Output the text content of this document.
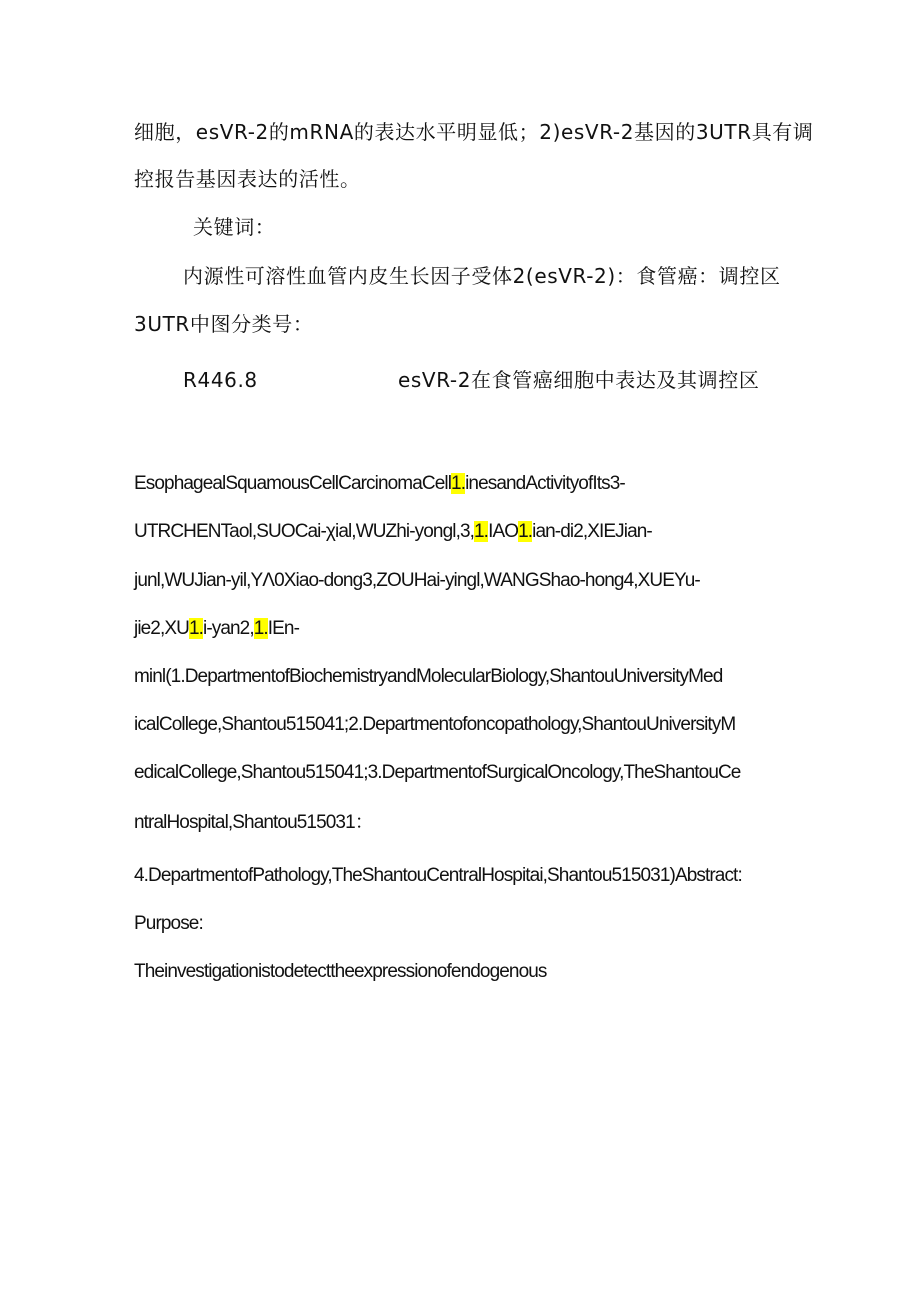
细胞，esVR-2的mRNA的表达水平明显低；2)esVR-2基因的3UTR具有调
控报告基因表达的活性。
关键词：
内源性可溶性血管内皮生长因子受体2(esVR-2)：食管癌：调控区
3UTR中图分类号：
R446.8	esVR-2在食管癌细胞中表达及其调控区
EsophagealSquamousCellCarcinomaCell1.inesandActivityofIts3-
UTRCHENTaol,SUOCai-χial,WUZhi-yongl,3,1.IAO1.ian-di2,XIEJian-
junl,WUJian-yil,YΛ0Xiao-dong3,ZOUHai-yingl,WANGShao-hong4,XUEYu-
jie2,XU1.i-yan2,1.IEn-
minl(1.DepartmentofBiochemistryandMolecularBiology,ShantouUniversityMed
icalCollege,Shantou515041;2.Departmentofoncopathology,ShantouUniversityM
edicalCollege,Shantou515041;3.DepartmentofSurgicalOncology,TheShantouCe
ntralHospital,Shantou515031：
4.DepartmentofPathology,TheShantouCentralHospitai,Shantou515031)Abstract:
Purpose:
Theinvestigationistodetecttheexpressionofendogenous
